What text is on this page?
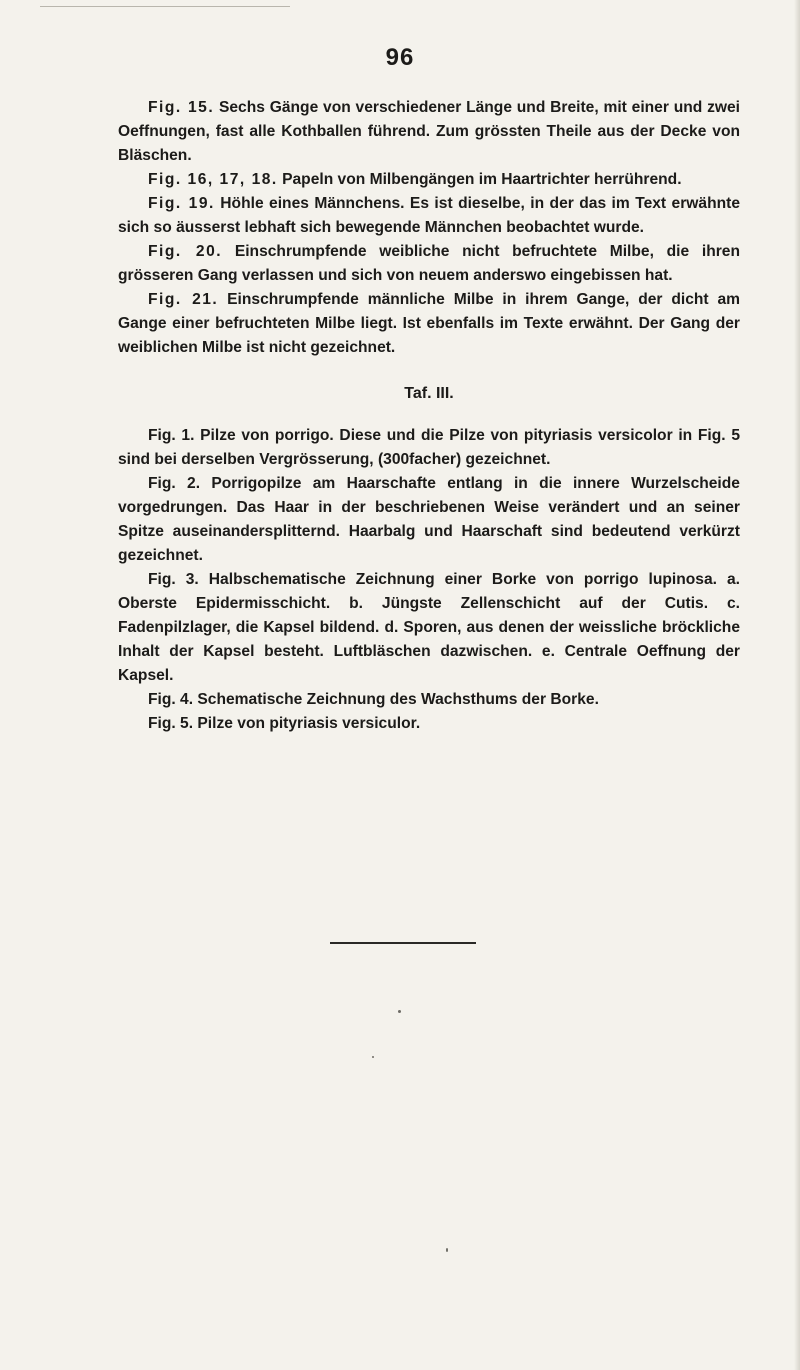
96

Fig. 15. Sechs Gänge von verschiedener Länge und Breite, mit einer und zwei Oeffnungen, fast alle Kothballen führend. Zum grössten Theile aus der Decke von Bläschen.

Fig. 16, 17, 18. Papeln von Milbengängen im Haartrichter herrührend.

Fig. 19. Höhle eines Männchens. Es ist dieselbe, in der das im Text erwähnte sich so äusserst lebhaft sich bewegende Männchen beobachtet wurde.

Fig. 20. Einschrumpfende weibliche nicht befruchtete Milbe, die ihren grösseren Gang verlassen und sich von neuem anderswo eingebissen hat.

Fig. 21. Einschrumpfende männliche Milbe in ihrem Gange, der dicht am Gange einer befruchteten Milbe liegt. Ist ebenfalls im Texte erwähnt. Der Gang der weiblichen Milbe ist nicht gezeichnet.

Taf. III.

Fig. 1. Pilze von porrigo. Diese und die Pilze von pityriasis versicolor in Fig. 5 sind bei derselben Vergrösserung, (300facher) gezeichnet.

Fig. 2. Porrigopilze am Haarschafte entlang in die innere Wurzelscheide vorgedrungen. Das Haar in der beschriebenen Weise verändert und an seiner Spitze auseinandersplitternd. Haarbalg und Haarschaft sind bedeutend verkürzt gezeichnet.

Fig. 3. Halbschematische Zeichnung einer Borke von porrigo lupinosa. a. Oberste Epidermisschicht. b. Jüngste Zellenschicht auf der Cutis. c. Fadenpilzlager, die Kapsel bildend. d. Sporen, aus denen der weissliche bröckliche Inhalt der Kapsel besteht. Luftbläschen dazwischen. e. Centrale Oeffnung der Kapsel.

Fig. 4. Schematische Zeichnung des Wachsthums der Borke.

Fig. 5. Pilze von pityriasis versiculor.
